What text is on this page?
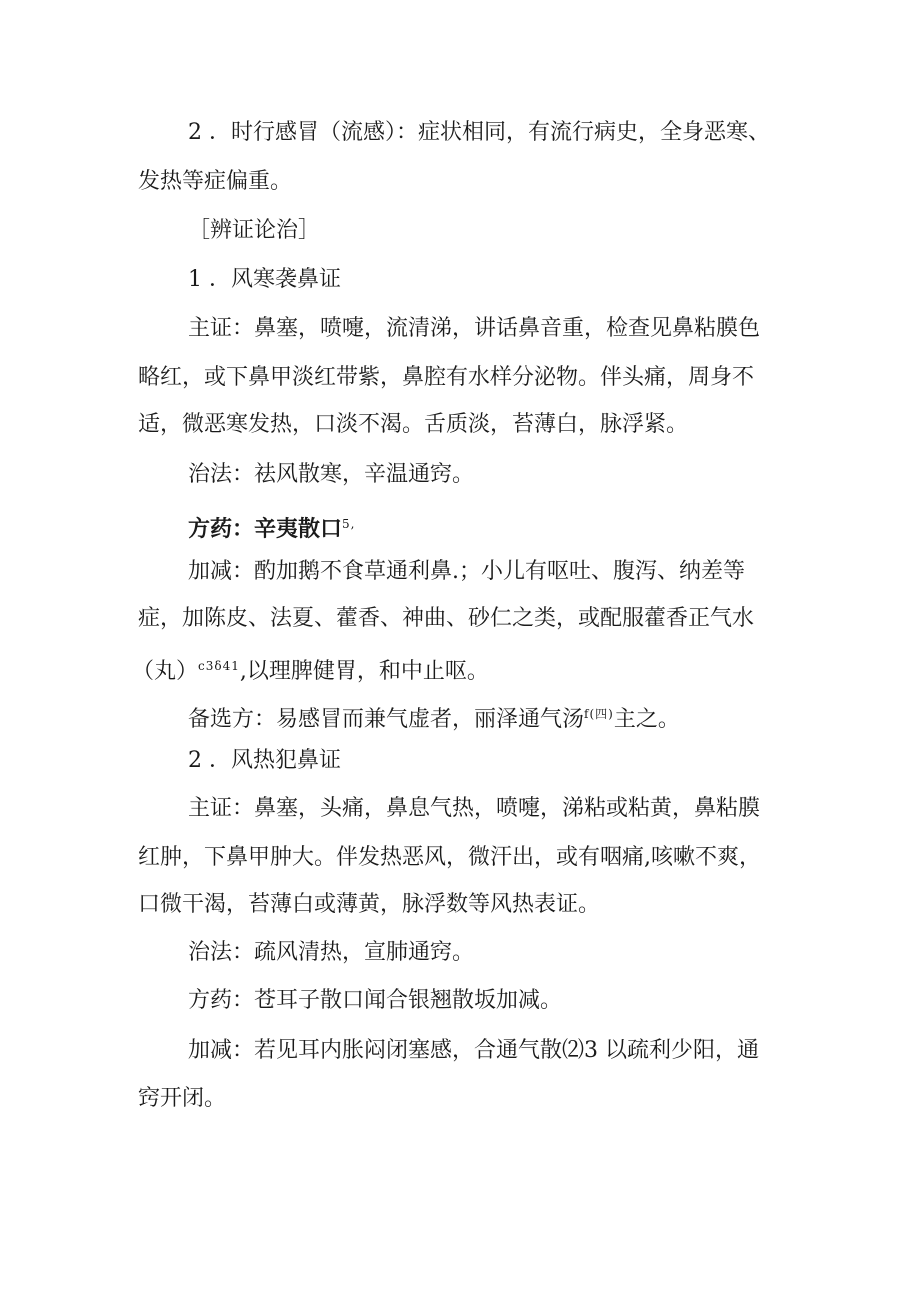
2 ．时行感冒（流感）：症状相同，有流行病史，全身恶寒、

发热等症偏重。

［辨证论治］

1 ．风寒袭鼻证

主证：鼻塞，喷嚏，流清涕，讲话鼻音重，检查见鼻粘膜色

略红，或下鼻甲淡红带紫，鼻腔有水样分泌物。伴头痛，周身不

适，微恶寒发热，口淡不渴。舌质淡，苔薄白，脉浮紧。

治法：祛风散寒，辛温通窍。

方药：辛夷散口$^{5,}$

加减：酌加鹅不食草通利鼻.；小儿有呕吐、腹泻、纳差等

症，加陈皮、法夏、藿香、神曲、砂仁之类，或配服藿香正气水

（丸）$^{c3\delta 41}$,以理脾健胃，和中止呕。

备选方：易感冒而兼气虚者，丽泽通气汤$^{f(四)}$主之。

2 ．风热犯鼻证

主证：鼻塞，头痛，鼻息气热，喷嚏，涕粘或粘黄，鼻粘膜

红肿，下鼻甲肿大。伴发热恶风，微汗出，或有咽痛,咳嗽不爽，

口微干渴，苔薄白或薄黄，脉浮数等风热表证。

治法：疏风清热，宣肺通窍。

方药：苍耳子散口闻合银翘散坂加减。

加减：若见耳内胀闷闭塞感，合通气散⑵3 以疏利少阳，通

窍开闭。
